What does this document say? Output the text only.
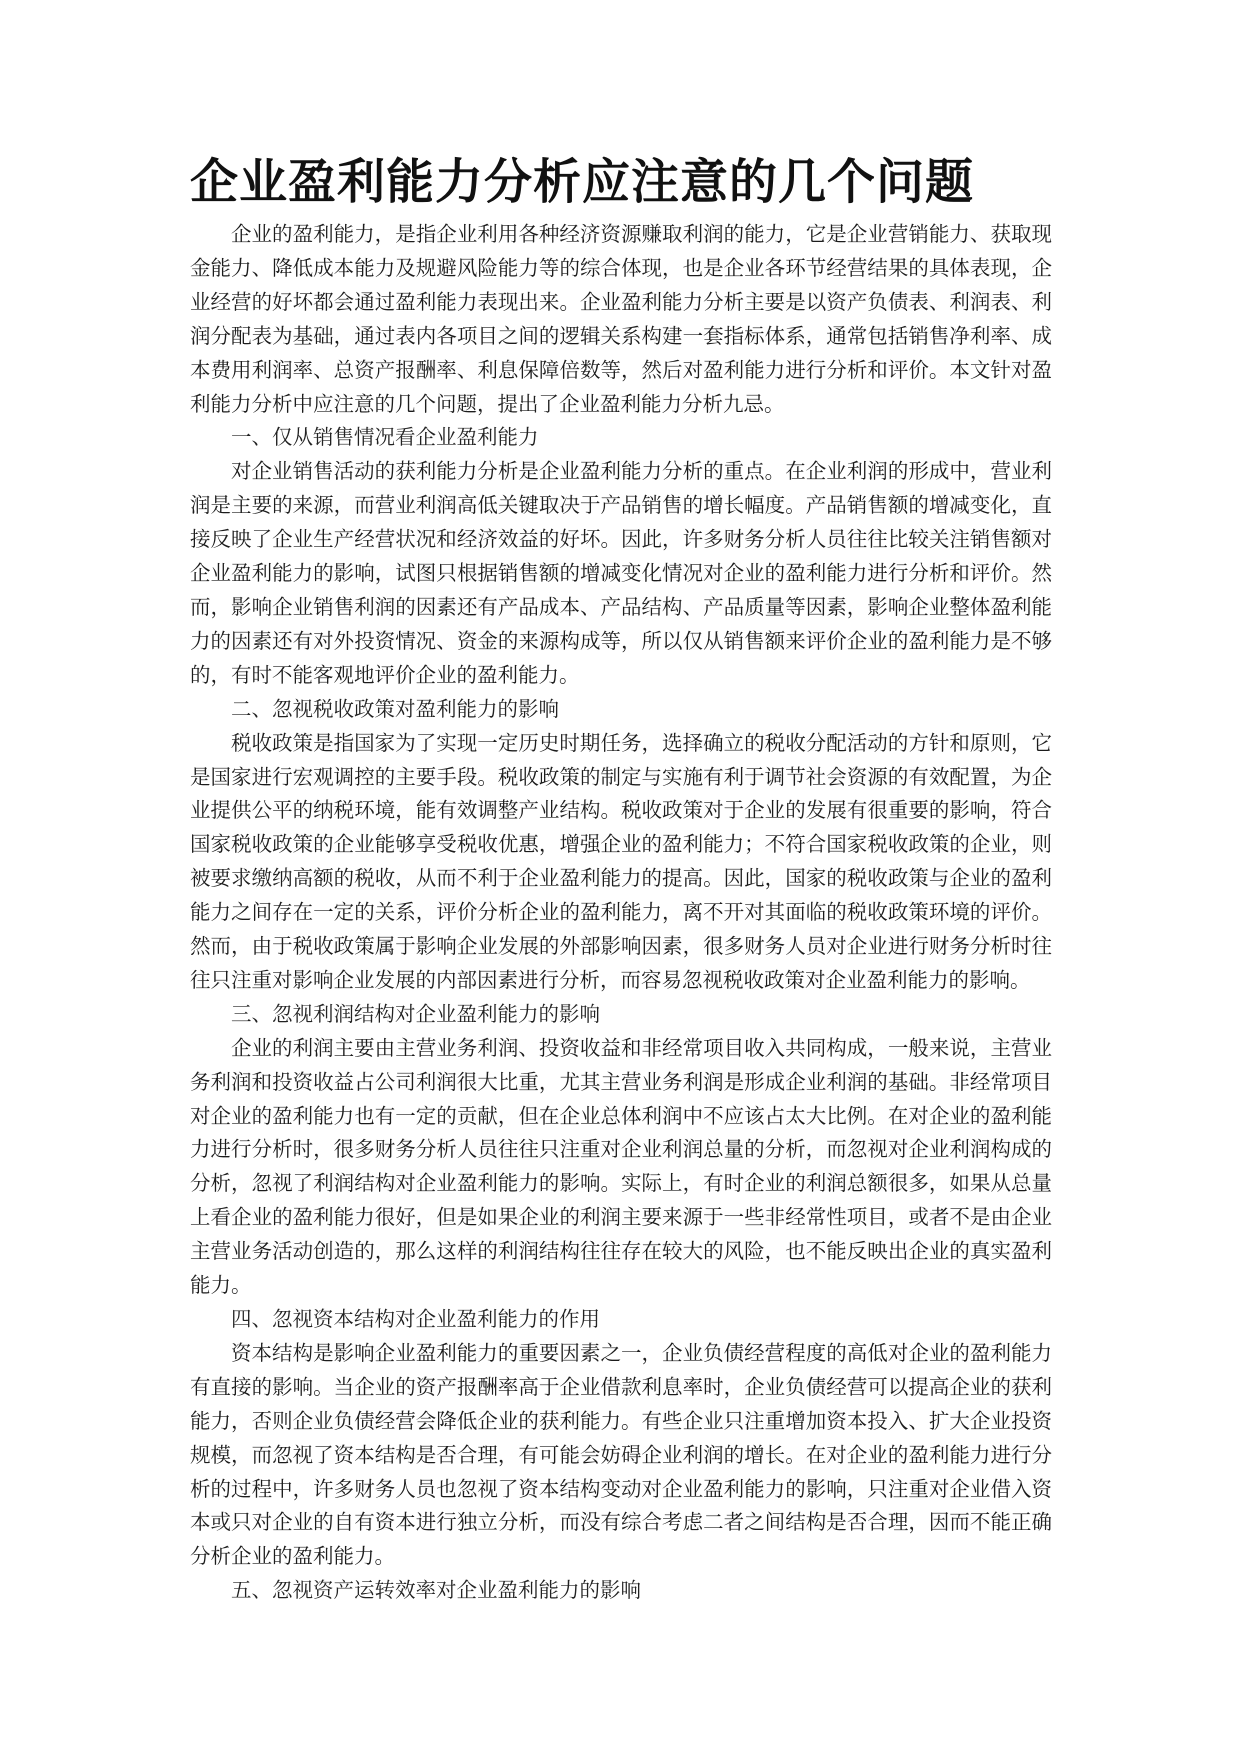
企业盈利能力分析应注意的几个问题

企业的盈利能力，是指企业利用各种经济资源赚取利润的能力，它是企业营销能力、获取现金能力、降低成本能力及规避风险能力等的综合体现，也是企业各环节经营结果的具体表现，企业经营的好坏都会通过盈利能力表现出来。企业盈利能力分析主要是以资产负债表、利润表、利润分配表为基础，通过表内各项目之间的逻辑关系构建一套指标体系，通常包括销售净利率、成本费用利润率、总资产报酬率、利息保障倍数等，然后对盈利能力进行分析和评价。本文针对盈利能力分析中应注意的几个问题，提出了企业盈利能力分析九忌。

一、仅从销售情况看企业盈利能力

对企业销售活动的获利能力分析是企业盈利能力分析的重点。在企业利润的形成中，营业利润是主要的来源，而营业利润高低关键取决于产品销售的增长幅度。产品销售额的增减变化，直接反映了企业生产经营状况和经济效益的好坏。因此，许多财务分析人员往往比较关注销售额对企业盈利能力的影响，试图只根据销售额的增减变化情况对企业的盈利能力进行分析和评价。然而，影响企业销售利润的因素还有产品成本、产品结构、产品质量等因素，影响企业整体盈利能力的因素还有对外投资情况、资金的来源构成等，所以仅从销售额来评价企业的盈利能力是不够的，有时不能客观地评价企业的盈利能力。

二、忽视税收政策对盈利能力的影响

税收政策是指国家为了实现一定历史时期任务，选择确立的税收分配活动的方针和原则，它是国家进行宏观调控的主要手段。税收政策的制定与实施有利于调节社会资源的有效配置，为企业提供公平的纳税环境，能有效调整产业结构。税收政策对于企业的发展有很重要的影响，符合国家税收政策的企业能够享受税收优惠，增强企业的盈利能力；不符合国家税收政策的企业，则被要求缴纳高额的税收，从而不利于企业盈利能力的提高。因此，国家的税收政策与企业的盈利能力之间存在一定的关系，评价分析企业的盈利能力，离不开对其面临的税收政策环境的评价。然而，由于税收政策属于影响企业发展的外部影响因素，很多财务人员对企业进行财务分析时往往只注重对影响企业发展的内部因素进行分析，而容易忽视税收政策对企业盈利能力的影响。

三、忽视利润结构对企业盈利能力的影响

企业的利润主要由主营业务利润、投资收益和非经常项目收入共同构成，一般来说，主营业务利润和投资收益占公司利润很大比重，尤其主营业务利润是形成企业利润的基础。非经常项目对企业的盈利能力也有一定的贡献，但在企业总体利润中不应该占太大比例。在对企业的盈利能力进行分析时，很多财务分析人员往往只注重对企业利润总量的分析，而忽视对企业利润构成的分析，忽视了利润结构对企业盈利能力的影响。实际上，有时企业的利润总额很多，如果从总量上看企业的盈利能力很好，但是如果企业的利润主要来源于一些非经常性项目，或者不是由企业主营业务活动创造的，那么这样的利润结构往往存在较大的风险，也不能反映出企业的真实盈利能力。

四、忽视资本结构对企业盈利能力的作用

资本结构是影响企业盈利能力的重要因素之一，企业负债经营程度的高低对企业的盈利能力有直接的影响。当企业的资产报酬率高于企业借款利息率时，企业负债经营可以提高企业的获利能力，否则企业负债经营会降低企业的获利能力。有些企业只注重增加资本投入、扩大企业投资规模，而忽视了资本结构是否合理，有可能会妨碍企业利润的增长。在对企业的盈利能力进行分析的过程中，许多财务人员也忽视了资本结构变动对企业盈利能力的影响，只注重对企业借入资本或只对企业的自有资本进行独立分析，而没有综合考虑二者之间结构是否合理，因而不能正确分析企业的盈利能力。

五、忽视资产运转效率对企业盈利能力的影响
